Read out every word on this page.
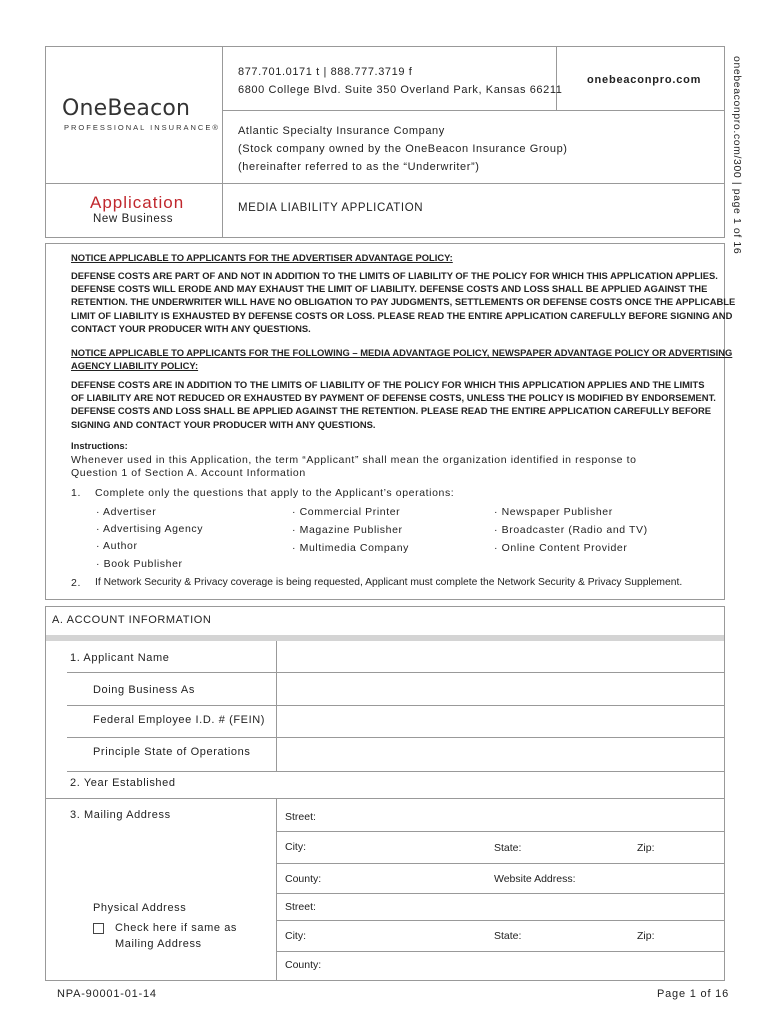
877.701.0171 t | 888.777.3719 f
6800 College Blvd. Suite 350 Overland Park, Kansas 66211
onebeaconpro.com
OneBeacon
PROFESSIONAL INSURANCE® Atlantic Specialty Insurance Company
(Stock company owned by the OneBeacon Insurance Group)
(hereinafter referred to as the “Underwriter”)
Application
New Business
MEDIA LIABILITY APPLICATION	onebeaconpro.com/300 | page 1 of 16
NOTICE APPLICABLE TO APPLICANTS FOR THE ADVERTISER ADVANTAGE POLICY:
DEFENSE COSTS ARE PART OF AND NOT IN ADDITION TO THE LIMITS OF LIABILITY OF THE POLICY FOR WHICH THIS APPLICATION APPLIES.
DEFENSE COSTS WILL ERODE AND MAY EXHAUST THE LIMIT OF LIABILITY. DEFENSE COSTS AND LOSS SHALL BE APPLIED AGAINST THE
RETENTION. THE UNDERWRITER WILL HAVE NO OBLIGATION TO PAY JUDGMENTS, SETTLEMENTS OR DEFENSE COSTS ONCE THE APPLICABLE
LIMIT OF LIABILITY IS EXHAUSTED BY DEFENSE COSTS OR LOSS. PLEASE READ THE ENTIRE APPLICATION CAREFULLY BEFORE SIGNING AND
CONTACT YOUR PRODUCER WITH ANY QUESTIONS.
NOTICE APPLICABLE TO APPLICANTS FOR THE FOLLOWING – MEDIA ADVANTAGE POLICY, NEWSPAPER ADVANTAGE POLICY OR ADVERTISING
AGENCY LIABILITY POLICY:
DEFENSE COSTS ARE IN ADDITION TO THE LIMITS OF LIABILITY OF THE POLICY FOR WHICH THIS APPLICATION APPLIES AND THE LIMITS
OF LIABILITY ARE NOT REDUCED OR EXHAUSTED BY PAYMENT OF DEFENSE COSTS, UNLESS THE POLICY IS MODIFIED BY ENDORSEMENT.
DEFENSE COSTS AND LOSS SHALL BE APPLIED AGAINST THE RETENTION. PLEASE READ THE ENTIRE APPLICATION CAREFULLY BEFORE
SIGNING AND CONTACT YOUR PRODUCER WITH ANY QUESTIONS.
Instructions:
Whenever used in this Application, the term “Applicant” shall mean the organization identified in response to
Question 1 of Section A. Account Information
1. Complete only the questions that apply to the Applicant’s operations:
· Advertiser
· Advertising Agency
· Author
· Book Publisher
· Commercial Printer
· Magazine Publisher
· Multimedia Company
· Newspaper Publisher
· Broadcaster (Radio and TV)
· Online Content Provider
2. If Network Security & Privacy coverage is being requested, Applicant must complete the Network Security & Privacy Supplement.
A. ACCOUNT INFORMATION
1. Applicant Name
Doing Business As
Federal Employee I.D. # (FEIN)
Principle State of Operations
2. Year Established
3. Mailing Address	Street:
City:	State:	Zip:
County:	Website Address:
Physical Address
Check here if same as
Mailing Address
Street:
City:	State:	Zip:
County:
NPA-90001-01-14	Page 1 of 16
